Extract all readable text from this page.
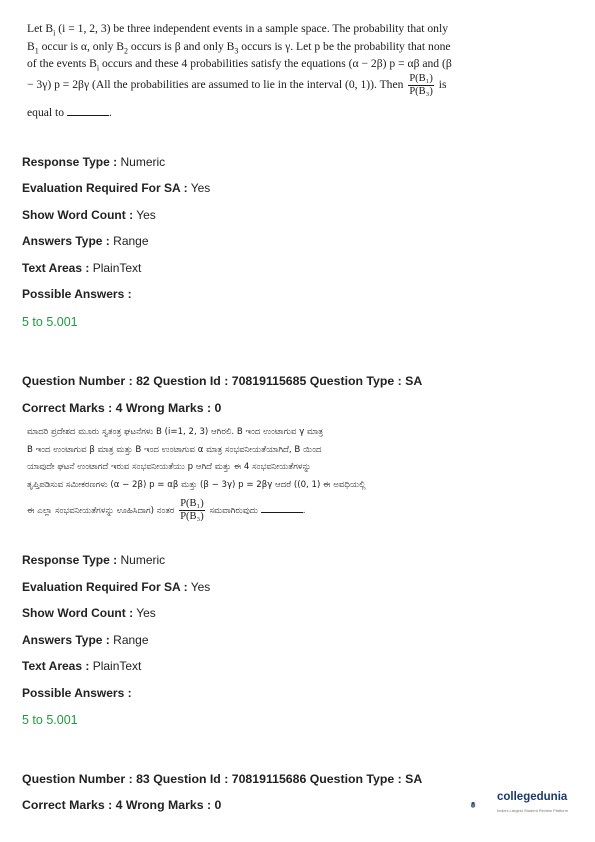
Let $B_i$ (i = 1, 2, 3) be three independent events in a sample space. The probability that only $B_1$ occur is α, only $B_2$ occurs is β and only $B_3$ occurs is γ. Let p be the probability that none of the events $B_i$ occurs and these 4 probabilities satisfy the equations (α − 2β) p = αβ and (β − 3γ) p = 2βγ (All the probabilities are assumed to lie in the interval (0, 1)). Then $\frac{\text{P(B₁)}}{\text{P(B₃)}}$ is
equal to	.
Response Type : Numeric
Evaluation Required For SA : Yes
Show Word Count : Yes
Answers Type : Range
Text Areas : PlainText
Possible Answers :
5 to 5.001
Question Number : 82 Question Id : 70819115685 Question Type : SA
Correct Marks : 4 Wrong Marks : 0
ಮಾದರಿ ಪ್ರದೇಶದ ಮೂರು ಸ್ವತಂತ್ರ ಘಟನೆಗಳು B (i=1, 2, 3) ಆಗಿರಲಿ. B ಇಂದ ಉಂಟಾಗುವ γ ಮಾತ್ರ
B ಇಂದ ಉಂಟಾಗುವ β ಮಾತ್ರ ಮತ್ತು B ಇಂದ ಉಂಟಾಗುವ α ಮಾತ್ರ ಸಂಭವನೀಯತೆಯಾಗಿದೆ, B ಯಿಂದ
ಯಾವುದೇ ಘಟನೆ ಉಂಟಾಗದೆ ಇರುವ ಸಂಭವನೀಯತೆಯು p ಆಗಿದೆ ಮತ್ತು ಈ 4 ಸಂಭವನೀಯತೆಗಳನ್ನು
ತೃಪ್ತಿಪಡಿಸುವ ಸಮೀಕರಣಗಳು (α − 2β) p = αβ ಮತ್ತು (β − 3γ) p = 2βγ ಆದರೆ ((0, 1) ಈ ಅವಧಿಯಲ್ಲಿ
ಈ ಎಲ್ಲಾ ಸಂಭವನೀಯತೆಗಳನ್ನು ಊಹಿಸಿದಾಗ) ನಂತರ $\frac{\text{P(B₁)}}{\text{P(B₃)}}$ ಸಮವಾಗಿರುವುದು	.
Response Type : Numeric
Evaluation Required For SA : Yes
Show Word Count : Yes
Answers Type : Range
Text Areas : PlainText
Possible Answers :
5 to 5.001
Question Number : 83 Question Id : 70819115686 Question Type : SA
Correct Marks : 4 Wrong Marks : 0
collegedunia
India's Largest Student Review Platform
